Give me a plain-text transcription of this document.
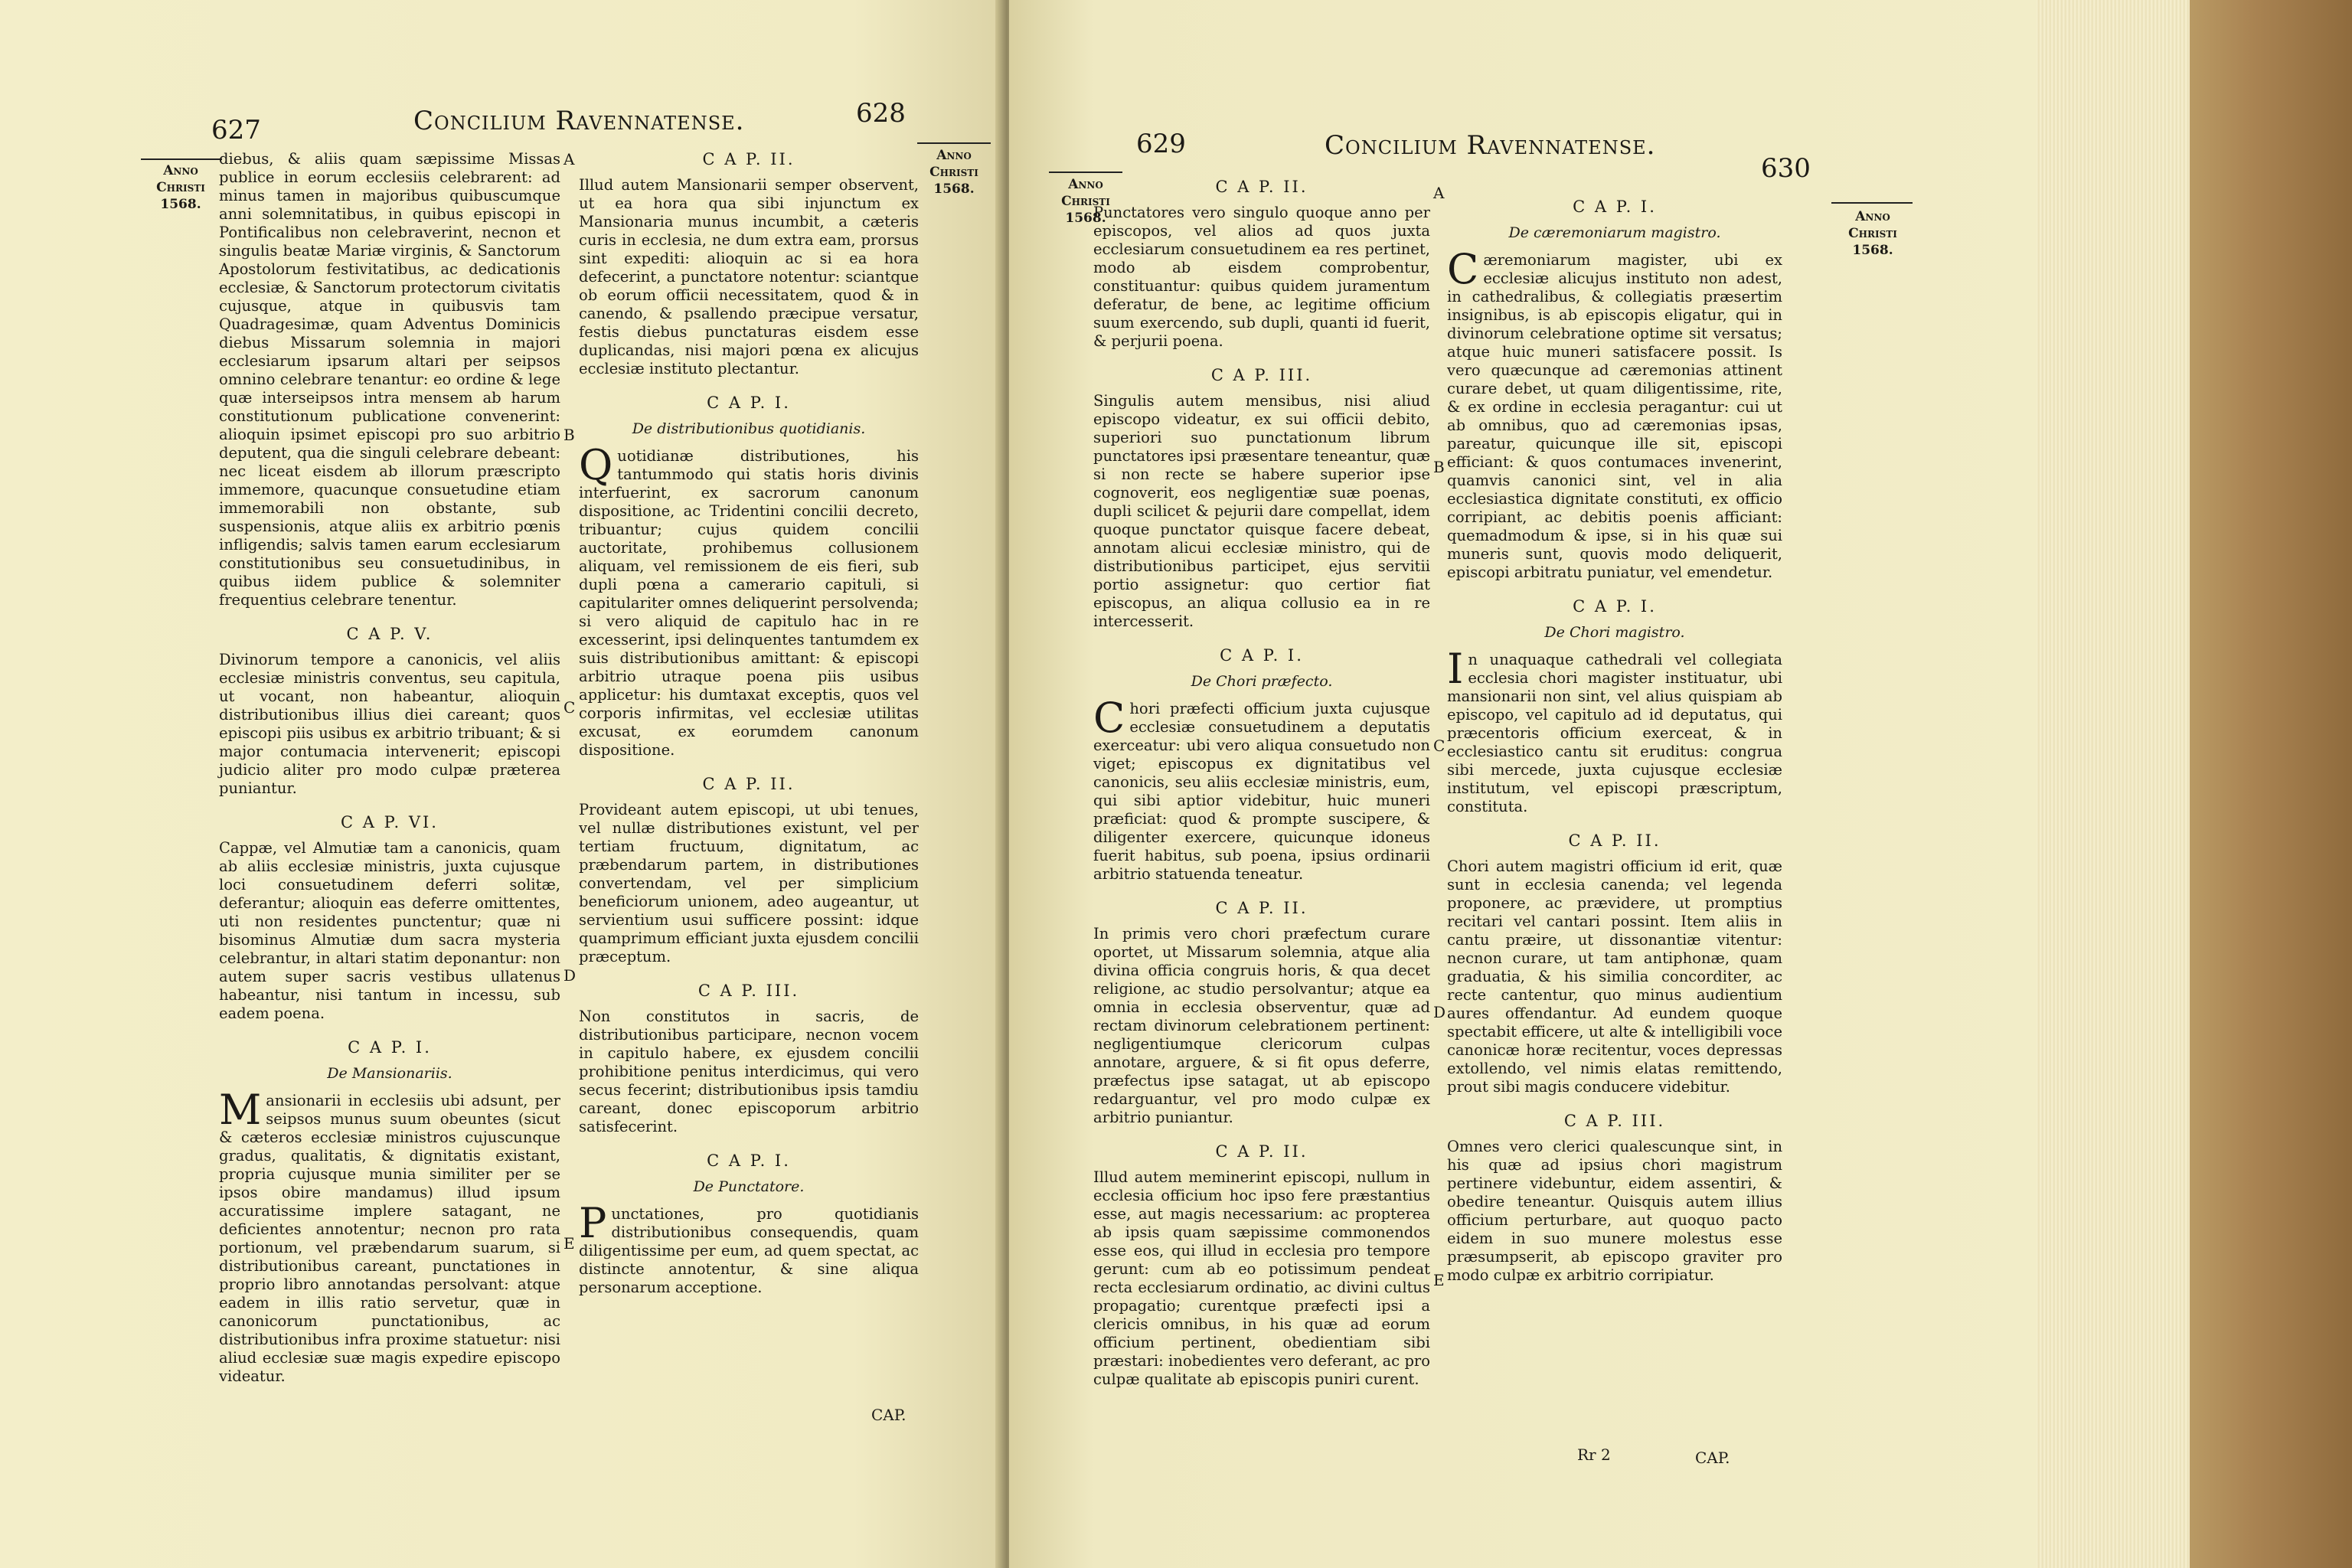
627	Concilium Ravennatense.	628
Anno
Christi
1568.
Anno
Christi
1568.

diebus, & aliis quam sæpissime Missas publice in eorum ecclesiis celebrarent: ad minus tamen in majoribus quibuscumque anni solemnitatibus, in quibus episcopi in Pontificalibus non celebraverint, necnon et singulis beatæ Mariæ virginis, & Sanctorum Apostolorum festivitatibus, ac dedicationis ecclesiæ, & Sanctorum protectorum civitatis cujusque, atque in quibusvis tam Quadragesimæ, quam Adventus Dominicis diebus Missarum solemnia in majori ecclesiarum ipsarum altari per seipsos omnino celebrare tenantur: eo ordine & lege quæ interseipsos intra mensem ab harum constitutionum publicatione convenerint: alioquin ipsimet episcopi pro suo arbitrio deputent, qua die singuli celebrare debeant: nec liceat eisdem ab illorum præscripto immemore, quacunque consuetudine etiam immemorabili non obstante, sub suspensionis, atque aliis ex arbitrio pœnis infligendis; salvis tamen earum ecclesiarum constitutionibus seu consuetudinibus, in quibus iidem publice & solemniter frequentius celebrare tenentur.

C A P. V.

Divinorum tempore a canonicis, vel aliis ecclesiæ ministris conventus, seu capitula, ut vocant, non habeantur, alioquin distributionibus illius diei careant; quos episcopi piis usibus ex arbitrio tribuant; & si major contumacia intervenerit; episcopi judicio aliter pro modo culpæ præterea puniantur.

C A P. VI.

Cappæ, vel Almutiæ tam a canonicis, quam ab aliis ecclesiæ ministris, juxta cujusque loci consuetudinem deferri solitæ, deferantur; alioquin eas deferre omittentes, uti non residentes punctentur; quæ ni bisominus Almutiæ dum sacra mysteria celebrantur, in altari statim deponantur: non autem super sacris vestibus ullatenus habeantur, nisi tantum in incessu, sub eadem poena.

C A P. I.
De Mansionariis.

Mansionarii in ecclesiis ubi adsunt, per seipsos munus suum obeuntes (sicut & cæteros ecclesiæ ministros cujuscunque gradus, qualitatis, & dignitatis existant, propria cujusque munia similiter per se ipsos obire mandamus) illud ipsum accuratissime implere satagant, ne deficientes annotentur; necnon pro rata portionum, vel præbendarum suarum, si distributionibus careant, punctationes in proprio libro annotandas persolvant: atque eadem in illis ratio servetur, quæ in canonicorum punctationibus, ac distributionibus infra proxime statuetur: nisi aliud ecclesiæ suæ magis expedire episcopo videatur.

C A P. II.

Illud autem Mansionarii semper observent, ut ea hora qua sibi injunctum ex Mansionaria munus incumbit, a cæteris curis in ecclesia, ne dum extra eam, prorsus sint expediti: alioquin ac si ea hora defecerint, a punctatore notentur: sciantque ob eorum officii necessitatem, quod & in canendo, & psallendo præcipue versatur, festis diebus punctaturas eisdem esse duplicandas, nisi majori pœna ex alicujus ecclesiæ instituto plectantur.

C A P. I.
De distributionibus quotidianis.

Quotidianæ distributiones, his tantummodo qui statis horis divinis interfuerint, ex sacrorum canonum dispositione, ac Tridentini concilii decreto, tribuantur; cujus quidem concilii auctoritate, prohibemus collusionem aliquam, vel remissionem de eis fieri, sub dupli pœna a camerario capituli, si capitulariter omnes deliquerint persolvenda; si vero aliquid de capitulo hac in re excesserint, ipsi delinquentes tantumdem ex suis distributionibus amittant: & episcopi arbitrio utraque poena piis usibus applicetur: his dumtaxat exceptis, quos vel corporis infirmitas, vel ecclesiæ utilitas excusat, ex eorumdem canonum dispositione.

C A P. II.

Provideant autem episcopi, ut ubi tenues, vel nullæ distributiones existunt, vel per tertiam fructuum, dignitatum, ac præbendarum partem, in distributiones convertendam, vel per simplicium beneficiorum unionem, adeo augeantur, ut servientium usui sufficere possint: idque quamprimum efficiant juxta ejusdem concilii præceptum.

C A P. III.

Non constitutos in sacris, de distributionibus participare, necnon vocem in capitulo habere, ex ejusdem concilii prohibitione penitus interdicimus, qui vero secus fecerint; distributionibus ipsis tamdiu careant, donec episcoporum arbitrio satisfecerint.

C A P. I.
De Punctatore.

Punctationes, pro quotidianis distributionibus consequendis, quam diligentissime per eum, ad quem spectat, ac distincte annotentur, & sine aliqua personarum acceptione.

A
B
C
D
E
CAP.
629	Concilium Ravennatense.
630
Anno
Christi
1568.	Anno
Christi
1568.
C A P. II.

Punctatores vero singulo quoque anno per episcopos, vel alios ad quos juxta ecclesiarum consuetudinem ea res pertinet, modo ab eisdem comprobentur, constituantur: quibus quidem juramentum deferatur, de bene, ac legitime officium suum exercendo, sub dupli, quanti id fuerit, & perjurii poena.

C A P. III.

Singulis autem mensibus, nisi aliud episcopo videatur, ex sui officii debito, superiori suo punctationum librum punctatores ipsi præsentare teneantur, quæ si non recte se habere superior ipse cognoverit, eos negligentiæ suæ poenas, dupli scilicet & pejurii dare compellat, idem quoque punctator quisque facere debeat, annotam alicui ecclesiæ ministro, qui de distributionibus participet, ejus servitii portio assignetur: quo certior fiat episcopus, an aliqua collusio ea in re intercesserit.

C A P. I.
De Chori præfecto.

Chori præfecti officium juxta cujusque ecclesiæ consuetudinem a deputatis exerceatur: ubi vero aliqua consuetudo non viget; episcopus ex dignitatibus vel canonicis, seu aliis ecclesiæ ministris, eum, qui sibi aptior videbitur, huic muneri præficiat: quod & prompte suscipere, & diligenter exercere, quicunque idoneus fuerit habitus, sub poena, ipsius ordinarii arbitrio statuenda teneatur.

C A P. II.

In primis vero chori præfectum curare oportet, ut Missarum solemnia, atque alia divina officia congruis horis, & qua decet religione, ac studio persolvantur; atque ea omnia in ecclesia observentur, quæ ad rectam divinorum celebrationem pertinent: negligentiumque clericorum culpas annotare, arguere, & si fit opus deferre, præfectus ipse satagat, ut ab episcopo redarguantur, vel pro modo culpæ ex arbitrio puniantur.

C A P. II.

Illud autem meminerint episcopi, nullum in ecclesia officium hoc ipso fere præstantius esse, aut magis necessarium: ac propterea ab ipsis quam sæpissime commonendos esse eos, qui illud in ecclesia pro tempore gerunt: cum ab eo potissimum pendeat recta ecclesiarum ordinatio, ac divini cultus propagatio; curentque præfecti ipsi a clericis omnibus, in his quæ ad eorum officium pertinent, obedientiam sibi præstari: inobedientes vero deferant, ac pro culpæ qualitate ab episcopis puniri curent.

C A P. I.
De cæremoniarum magistro.

Cæremoniarum magister, ubi ex ecclesiæ alicujus instituto non adest, in cathedralibus, & collegiatis præsertim insignibus, is ab episcopis eligatur, qui in divinorum celebratione optime sit versatus; atque huic muneri satisfacere possit. Is vero quæcunque ad cæremonias attinent curare debet, ut quam diligentissime, rite, & ex ordine in ecclesia peragantur: cui ut ab omnibus, quo ad cæremonias ipsas, pareatur, quicunque ille sit, episcopi efficiant: & quos contumaces invenerint, quamvis canonici sint, vel in alia ecclesiastica dignitate constituti, ex officio corripiant, ac debitis poenis afficiant: quemadmodum & ipse, si in his quæ sui muneris sunt, quovis modo deliquerit, episcopi arbitratu puniatur, vel emendetur.

C A P. I.
De Chori magistro.

In unaquaque cathedrali vel collegiata ecclesia chori magister instituatur, ubi mansionarii non sint, vel alius quispiam ab episcopo, vel capitulo ad id deputatus, qui præcentoris officium exerceat, & in ecclesiastico cantu sit eruditus: congrua sibi mercede, juxta cujusque ecclesiæ institutum, vel episcopi præscriptum, constituta.

C A P. II.

Chori autem magistri officium id erit, quæ sunt in ecclesia canenda; vel legenda proponere, ac prævidere, ut promptius recitari vel cantari possint. Item aliis in cantu præire, ut dissonantiæ vitentur: necnon curare, ut tam antiphonæ, quam graduatia, & his similia concorditer, ac recte cantentur, quo minus audientium aures offendantur. Ad eundem quoque spectabit efficere, ut alte & intelligibili voce canonicæ horæ recitentur, voces depressas extollendo, vel nimis elatas remittendo, prout sibi magis conducere videbitur.

C A P. III.

Omnes vero clerici qualescunque sint, in his quæ ad ipsius chori magistrum pertinere videbuntur, eidem assentiri, & obedire teneantur. Quisquis autem illius officium perturbare, aut quoquo pacto eidem in suo munere molestus esse præsumpserit, ab episcopo graviter pro modo culpæ ex arbitrio corripiatur.

A
B
C
D
E
Rr 2	CAP.
